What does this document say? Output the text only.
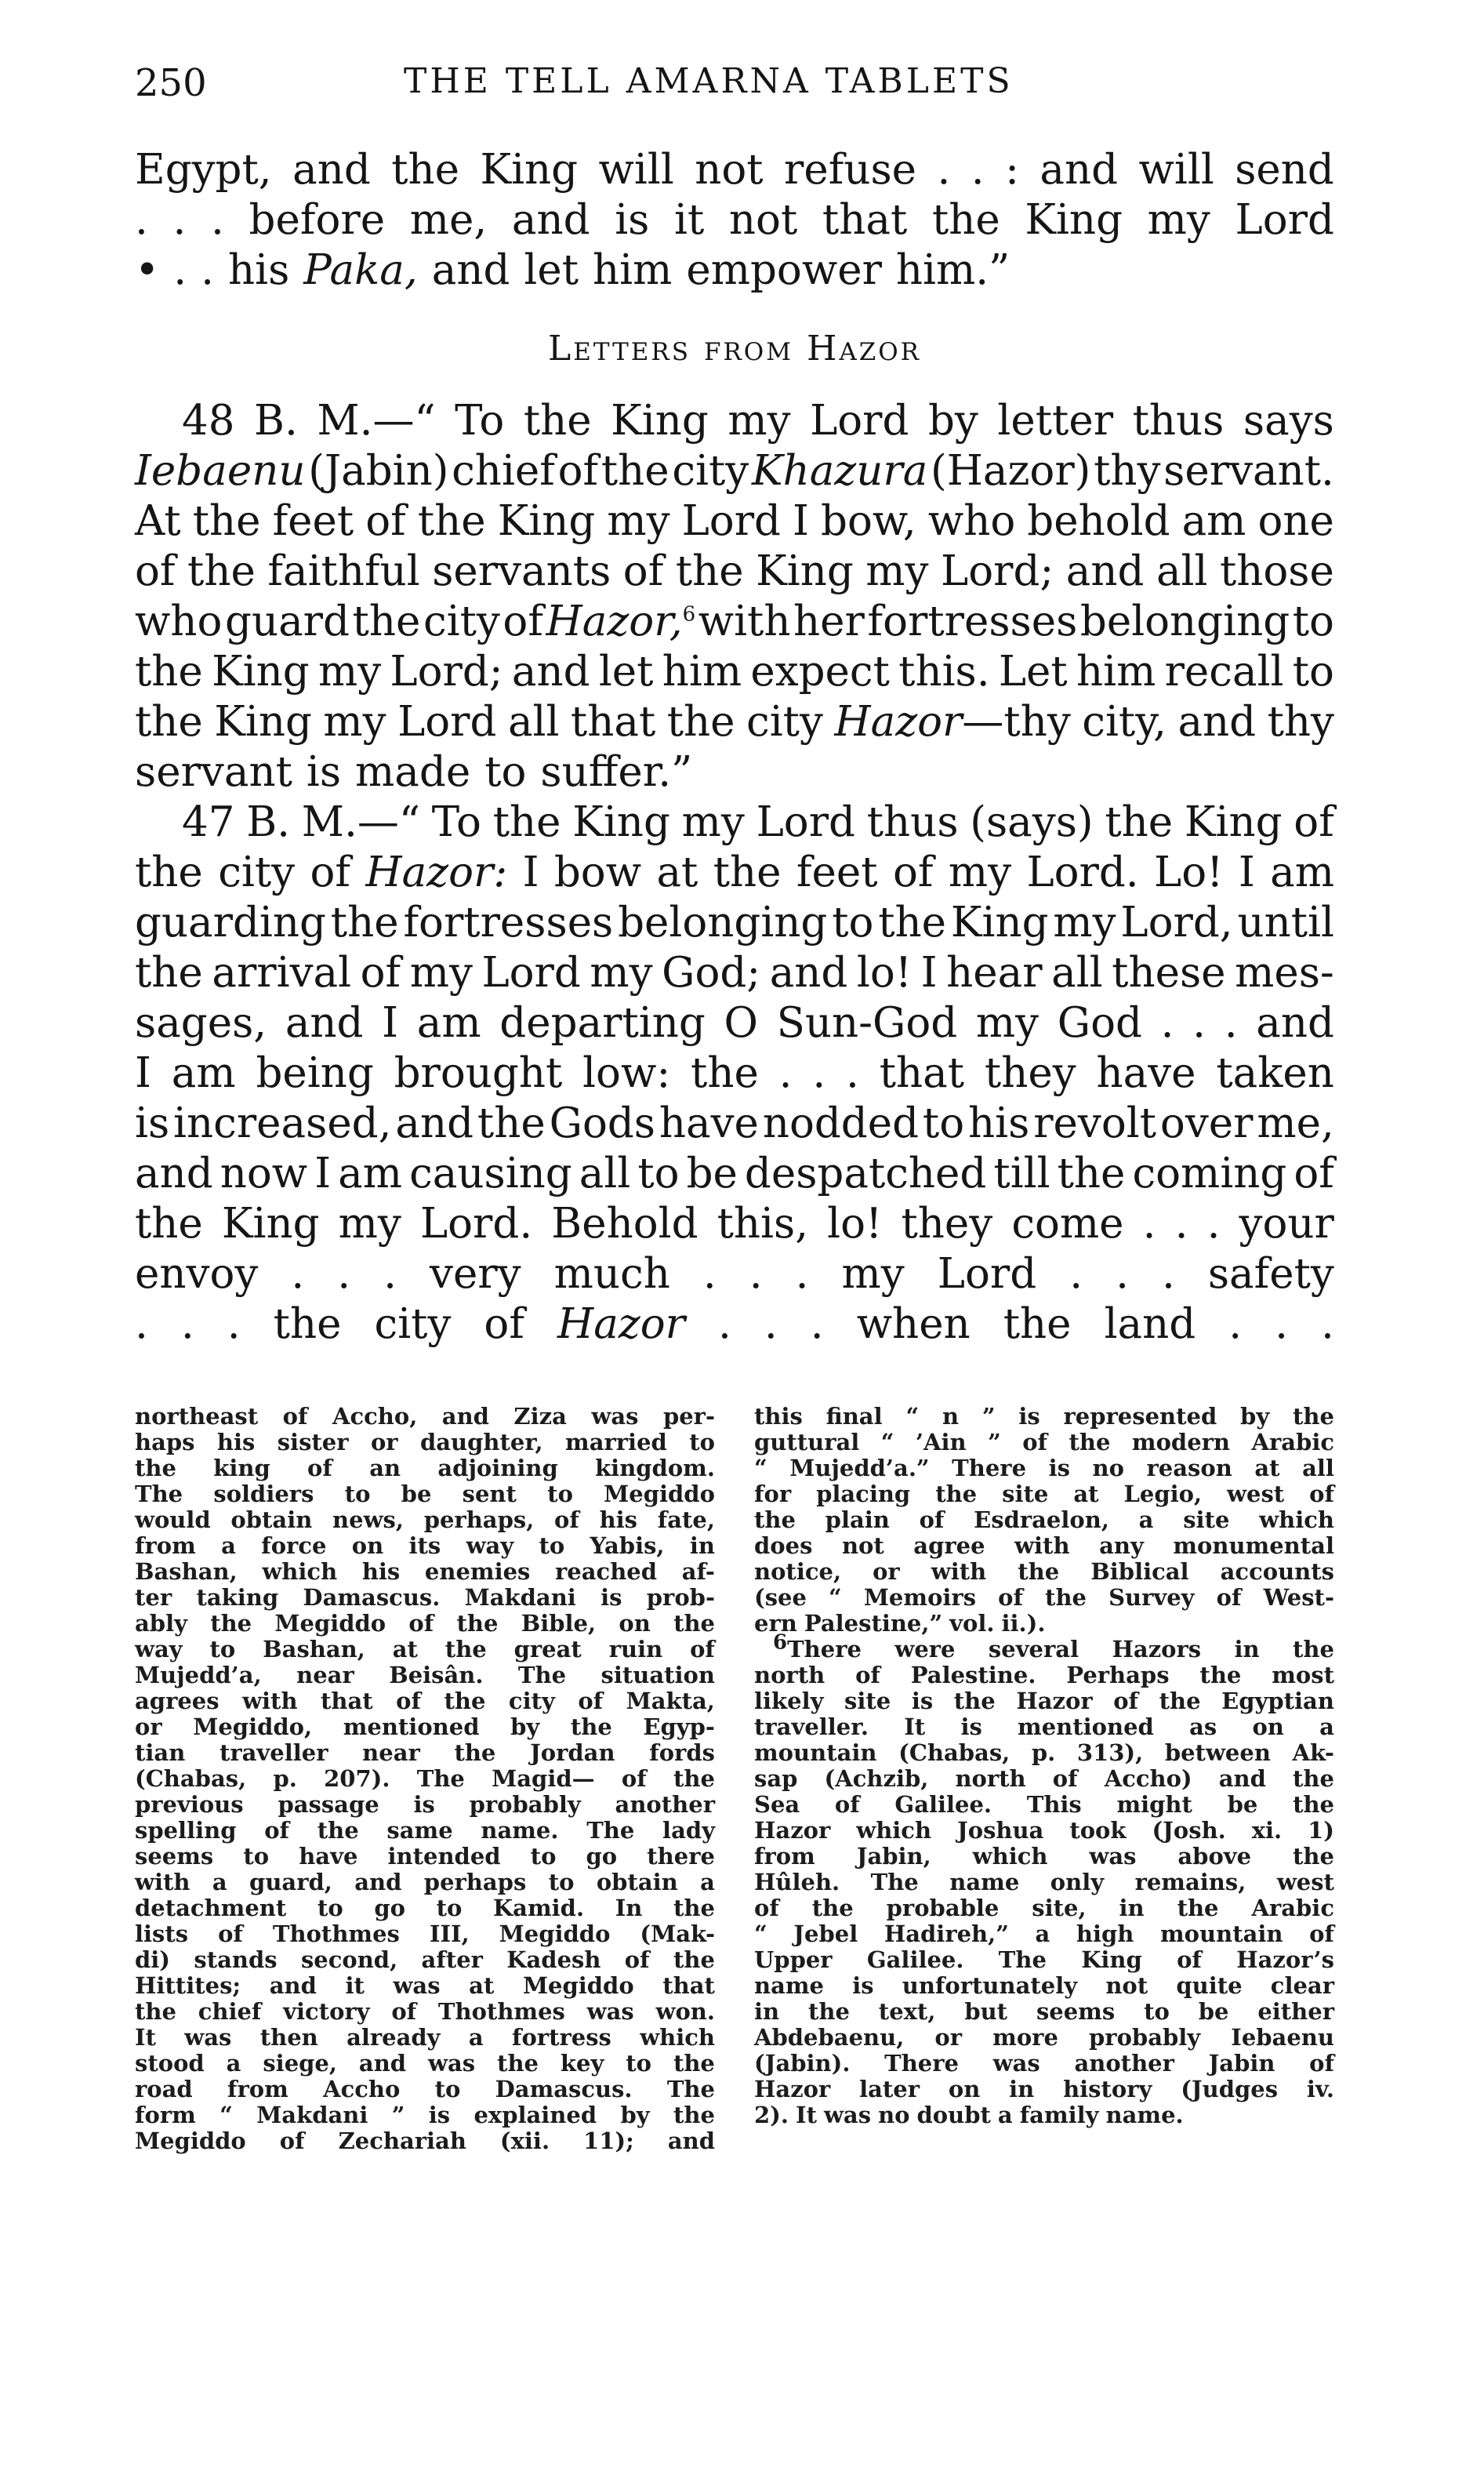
250	THE TELL AMARNA TABLETS
Egypt, and the King will not refuse . . : and will send
. . . before me, and is it not that the King my Lord
• . . his Paka, and let him empower him.”
Letters from Hazor
48 B. M.—“ To the King my Lord by letter thus says
Iebaenu (Jabin) chief of the city Khazura (Hazor) thy servant.
At the feet of the King my Lord I bow, who behold am one
of the faithful servants of the King my Lord; and all those
who guard the city of Hazor,$^6$ with her fortresses belonging to
the King my Lord; and let him expect this. Let him recall to
the King my Lord all that the city Hazor—thy city, and thy
servant is made to suffer.”
47 B. M.—“ To the King my Lord thus (says) the King of
the city of Hazor: I bow at the feet of my Lord. Lo! I am
guarding the fortresses belonging to the King my Lord, until
the arrival of my Lord my God; and lo! I hear all these mes-
sages, and I am departing O Sun-God my God . . . and
I am being brought low: the . . . that they have taken
is increased, and the Gods have nodded to his revolt over me,
and now I am causing all to be despatched till the coming of
the King my Lord. Behold this, lo! they come . . . your
envoy . . . very much . . . my Lord . . . safety
. . . the city of Hazor . . . when the land . . .
northeast of Accho, and Ziza was per-
haps his sister or daughter, married to
the king of an adjoining kingdom.
The soldiers to be sent to Megiddo
would obtain news, perhaps, of his fate,
from a force on its way to Yabis, in
Bashan, which his enemies reached af-
ter taking Damascus. Makdani is prob-
ably the Megiddo of the Bible, on the
way to Bashan, at the great ruin of
Mujedd’a, near Beisân. The situation
agrees with that of the city of Makta,
or Megiddo, mentioned by the Egyp-
tian traveller near the Jordan fords
(Chabas, p. 207). The Magid— of the
previous passage is probably another
spelling of the same name. The lady
seems to have intended to go there
with a guard, and perhaps to obtain a
detachment to go to Kamid. In the
lists of Thothmes III, Megiddo (Mak-
di) stands second, after Kadesh of the
Hittites; and it was at Megiddo that
the chief victory of Thothmes was won.
It was then already a fortress which
stood a siege, and was the key to the
road from Accho to Damascus. The
form “ Makdani ” is explained by the
Megiddo of Zechariah (xii. 11); and
this final “ n ” is represented by the
guttural “ ’Ain ” of the modern Arabic
“ Mujedd’a.” There is no reason at all
for placing the site at Legio, west of
the plain of Esdraelon, a site which
does not agree with any monumental
notice, or with the Biblical accounts
(see “ Memoirs of the Survey of West-
ern Palestine,” vol. ii.).
$^6$There were several Hazors in the
north of Palestine. Perhaps the most
likely site is the Hazor of the Egyptian
traveller. It is mentioned as on a
mountain (Chabas, p. 313), between Ak-
sap (Achzib, north of Accho) and the
Sea of Galilee. This might be the
Hazor which Joshua took (Josh. xi. 1)
from Jabin, which was above the
Hûleh. The name only remains, west
of the probable site, in the Arabic
“ Jebel Hadireh,” a high mountain of
Upper Galilee. The King of Hazor’s
name is unfortunately not quite clear
in the text, but seems to be either
Abdebaenu, or more probably Iebaenu
(Jabin). There was another Jabin of
Hazor later on in history (Judges iv.
2). It was no doubt a family name.
